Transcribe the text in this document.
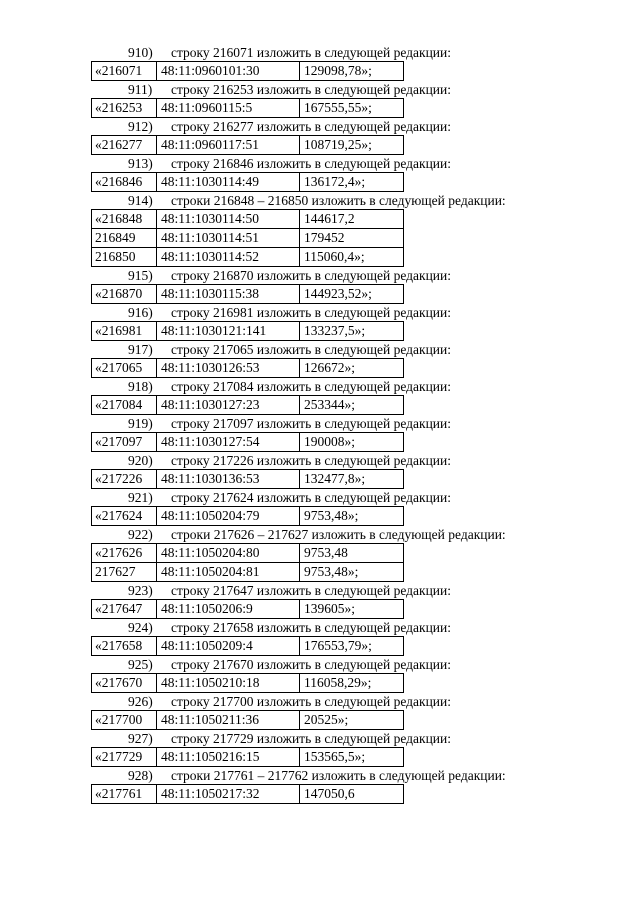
910) строку 216071 изложить в следующей редакции:
«216071	48:11:0960101:30	129098,78»;
911) строку 216253 изложить в следующей редакции:
«216253	48:11:0960115:5	167555,55»;
912) строку 216277 изложить в следующей редакции:
«216277	48:11:0960117:51	108719,25»;
913) строку 216846 изложить в следующей редакции:
«216846	48:11:1030114:49	136172,4»;
914) строки 216848 – 216850 изложить в следующей редакции:
«216848	48:11:1030114:50	144617,2
216849	48:11:1030114:51	179452
216850	48:11:1030114:52	115060,4»;
915) строку 216870 изложить в следующей редакции:
«216870	48:11:1030115:38	144923,52»;
916) строку 216981 изложить в следующей редакции:
«216981	48:11:1030121:141	133237,5»;
917) строку 217065 изложить в следующей редакции:
«217065	48:11:1030126:53	126672»;
918) строку 217084 изложить в следующей редакции:
«217084	48:11:1030127:23	253344»;
919) строку 217097 изложить в следующей редакции:
«217097	48:11:1030127:54	190008»;
920) строку 217226 изложить в следующей редакции:
«217226	48:11:1030136:53	132477,8»;
921) строку 217624 изложить в следующей редакции:
«217624	48:11:1050204:79	9753,48»;
922) строки 217626 – 217627 изложить в следующей редакции:
«217626	48:11:1050204:80	9753,48
217627	48:11:1050204:81	9753,48»;
923) строку 217647 изложить в следующей редакции:
«217647	48:11:1050206:9	139605»;
924) строку 217658 изложить в следующей редакции:
«217658	48:11:1050209:4	176553,79»;
925) строку 217670 изложить в следующей редакции:
«217670	48:11:1050210:18	116058,29»;
926) строку 217700 изложить в следующей редакции:
«217700	48:11:1050211:36	20525»;
927) строку 217729 изложить в следующей редакции:
«217729	48:11:1050216:15	153565,5»;
928) строки 217761 – 217762 изложить в следующей редакции:
«217761	48:11:1050217:32	147050,6
